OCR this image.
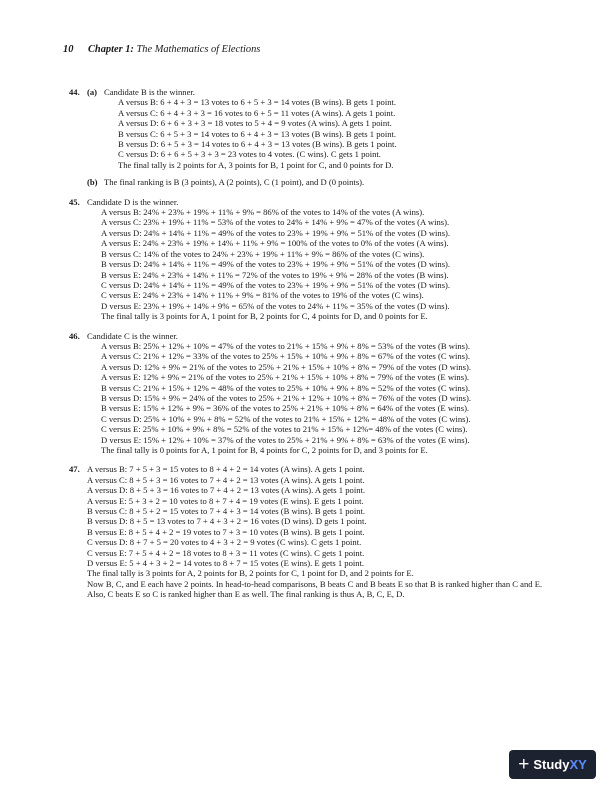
10 Chapter 1: The Mathematics of Elections
44. (a) Candidate B is the winner.
A versus B: 6 + 4 + 3 = 13 votes to 6 + 5 + 3 = 14 votes (B wins). B gets 1 point.
A versus C: 6 + 4 + 3 + 3 = 16 votes to 6 + 5 = 11 votes (A wins). A gets 1 point.
A versus D: 6 + 6 + 3 + 3 = 18 votes to 5 + 4 = 9 votes (A wins). A gets 1 point.
B versus C: 6 + 5 + 3 = 14 votes to 6 + 4 + 3 = 13 votes (B wins). B gets 1 point.
B versus D: 6 + 5 + 3 = 14 votes to 6 + 4 + 3 = 13 votes (B wins). B gets 1 point.
C versus D: 6 + 6 + 5 + 3 + 3 = 23 votes to 4 votes. (C wins). C gets 1 point.
The final tally is 2 points for A, 3 points for B, 1 point for C, and 0 points for D.
(b) The final ranking is B (3 points), A (2 points), C (1 point), and D (0 points).
45. Candidate D is the winner.
A versus B: 24% + 23% + 19% + 11% + 9% = 86% of the votes to 14% of the votes (A wins).
A versus C: 23% + 19% + 11% = 53% of the votes to 24% + 14% + 9% = 47% of the votes (A wins).
A versus D: 24% + 14% + 11% = 49% of the votes to 23% + 19% + 9% = 51% of the votes (D wins).
A versus E: 24% + 23% + 19% + 14% + 11% + 9% = 100% of the votes to 0% of the votes (A wins).
B versus C: 14% of the votes to 24% + 23% + 19% + 11% + 9% = 86% of the votes (C wins).
B versus D: 24% + 14% + 11% = 49% of the votes to 23% + 19% + 9% = 51% of the votes (D wins).
B versus E: 24% + 23% + 14% + 11% = 72% of the votes to 19% + 9% = 28% of the votes (B wins).
C versus D: 24% + 14% + 11% = 49% of the votes to 23% + 19% + 9% = 51% of the votes (D wins).
C versus E: 24% + 23% + 14% + 11% + 9% = 81% of the votes to 19% of the votes (C wins).
D versus E: 23% + 19% + 14% + 9% = 65% of the votes to 24% + 11% = 35% of the votes (D wins).
The final tally is 3 points for A, 1 point for B, 2 points for C, 4 points for D, and 0 points for E.
46. Candidate C is the winner.
A versus B: 25% + 12% + 10% = 47% of the votes to 21% + 15% + 9% + 8% = 53% of the votes (B wins).
A versus C: 21% + 12% = 33% of the votes to 25% + 15% + 10% + 9% + 8% = 67% of the votes (C wins).
A versus D: 12% + 9% = 21% of the votes to 25% + 21% + 15% + 10% + 8% = 79% of the votes (D wins).
A versus E: 12% + 9% = 21% of the votes to 25% + 21% + 15% + 10% + 8% = 79% of the votes (E wins).
B versus C: 21% + 15% + 12% = 48% of the votes to 25% + 10% + 9% + 8% = 52% of the votes (C wins).
B versus D: 15% + 9% = 24% of the votes to 25% + 21% + 12% + 10% + 8% = 76% of the votes (D wins).
B versus E: 15% + 12% + 9% = 36% of the votes to 25% + 21% + 10% + 8% = 64% of the votes (E wins).
C versus D: 25% + 10% + 9% + 8% = 52% of the votes to 21% + 15% + 12% = 48% of the votes (C wins).
C versus E: 25% + 10% + 9% + 8% = 52% of the votes to 21% + 15% + 12%= 48% of the votes (C wins).
D versus E: 15% + 12% + 10% = 37% of the votes to 25% + 21% + 9% + 8% = 63% of the votes (E wins).
The final tally is 0 points for A, 1 point for B, 4 points for C, 2 points for D, and 3 points for E.
47. A versus B: 7 + 5 + 3 = 15 votes to 8 + 4 + 2 = 14 votes (A wins). A gets 1 point.
A versus C: 8 + 5 + 3 = 16 votes to 7 + 4 + 2 = 13 votes (A wins). A gets 1 point.
A versus D: 8 + 5 + 3 = 16 votes to 7 + 4 + 2 = 13 votes (A wins). A gets 1 point.
A versus E: 5 + 3 + 2 = 10 votes to 8 + 7 + 4 = 19 votes (E wins). E gets 1 point.
B versus C: 8 + 5 + 2 = 15 votes to 7 + 4 + 3 = 14 votes (B wins). B gets 1 point.
B versus D: 8 + 5 = 13 votes to 7 + 4 + 3 + 2 = 16 votes (D wins). D gets 1 point.
B versus E: 8 + 5 + 4 + 2 = 19 votes to 7 + 3 = 10 votes (B wins). B gets 1 point.
C versus D: 8 + 7 + 5 = 20 votes to 4 + 3 + 2 = 9 votes (C wins). C gets 1 point.
C versus E: 7 + 5 + 4 + 2 = 18 votes to 8 + 3 = 11 votes (C wins). C gets 1 point.
D versus E: 5 + 4 + 3 + 2 = 14 votes to 8 + 7 = 15 votes (E wins). E gets 1 point.
The final tally is 3 points for A, 2 points for B, 2 points for C, 1 point for D, and 2 points for E.
Now B, C, and E each have 2 points. In head-to-head comparisons, B beats C and B beats E so that B is ranked higher than C and E. Also, C beats E so C is ranked higher than E as well. The final ranking is thus A, B, C, E, D.
+ Study XY
